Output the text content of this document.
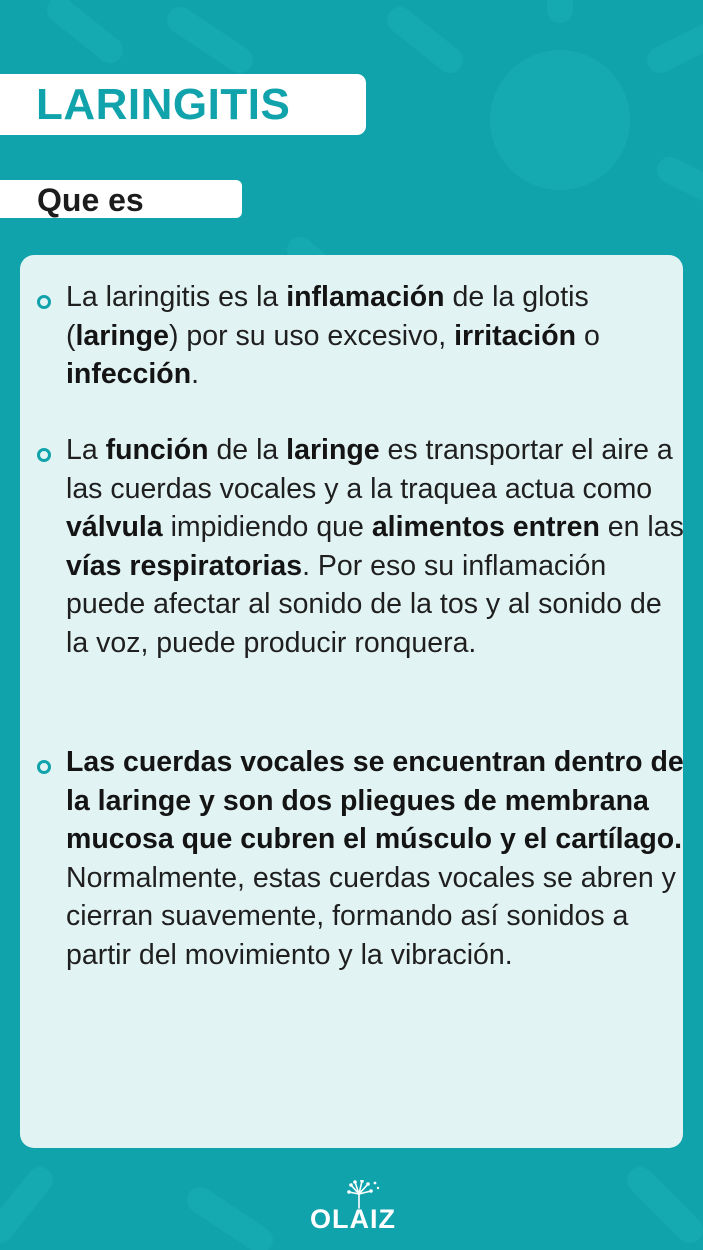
LARINGITIS
Que es

La laringitis es la inflamación de la glotis (laringe) por su uso excesivo, irritación o infección.

La función de la laringe es transportar el aire a las cuerdas vocales y a la traquea actua como válvula impidiendo que alimentos entren en las vías respiratorias. Por eso su inflamación puede afectar al sonido de la tos y al sonido de la voz, puede producir ronquera.

Las cuerdas vocales se encuentran dentro de la laringe y son dos pliegues de membrana mucosa que cubren el músculo y el cartílago. Normalmente, estas cuerdas vocales se abren y cierran suavemente, formando así sonidos a partir del movimiento y la vibración.

OLAIZ
